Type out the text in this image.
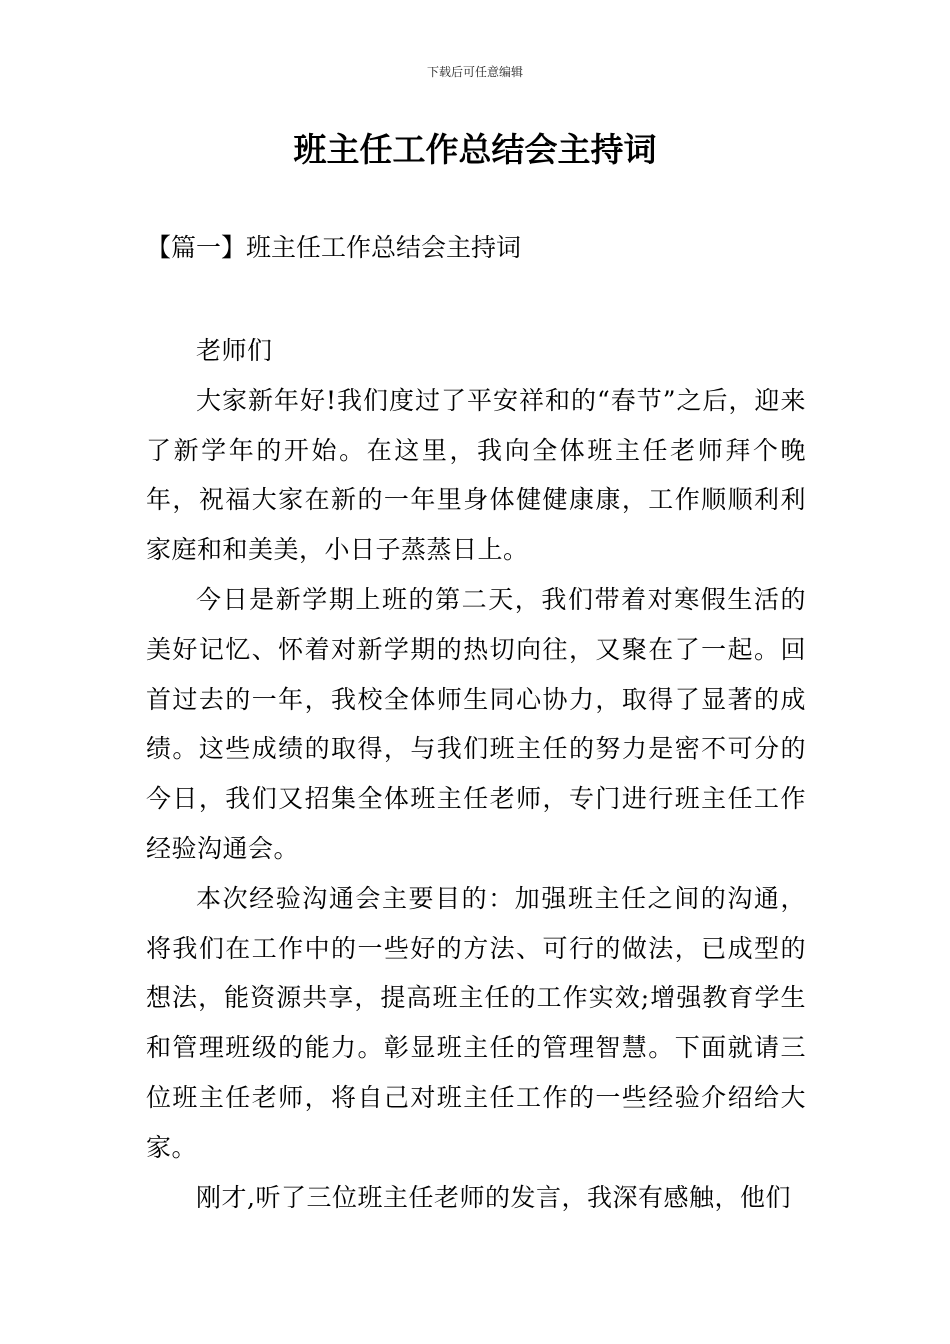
下载后可任意编辑
班主任工作总结会主持词
【篇一】班主任工作总结会主持词

老师们

大家新年好!我们度过了平安祥和的“春节”之后，迎来了新学年的开始。在这里，我向全体班主任老师拜个晚年，祝福大家在新的一年里身体健健康康，工作顺顺利利家庭和和美美，小日子蒸蒸日上。

今日是新学期上班的第二天，我们带着对寒假生活的美好记忆、怀着对新学期的热切向往，又聚在了一起。回首过去的一年，我校全体师生同心协力，取得了显著的成绩。这些成绩的取得，与我们班主任的努力是密不可分的今日，我们又招集全体班主任老师，专门进行班主任工作经验沟通会。

本次经验沟通会主要目的：加强班主任之间的沟通，将我们在工作中的一些好的方法、可行的做法，已成型的想法，能资源共享，提高班主任的工作实效;增强教育学生和管理班级的能力。彰显班主任的管理智慧。下面就请三位班主任老师，将自己对班主任工作的一些经验介绍给大家。

刚才,听了三位班主任老师的发言，我深有感触，他们
